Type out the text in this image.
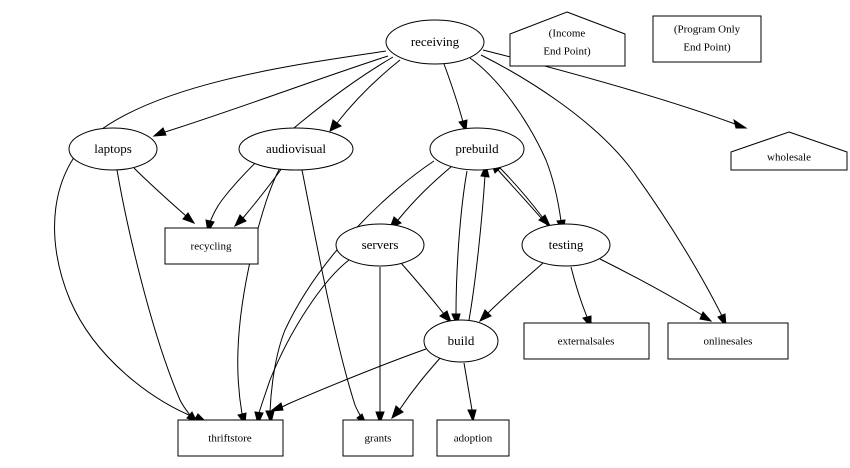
receiving
laptops	audiovisual	prebuild
servers	testing
build
recycling
externalsales	onlinesales
thriftstore	grants	adoption
wholesale
(Income
End Point)
(Program Only
End Point)
